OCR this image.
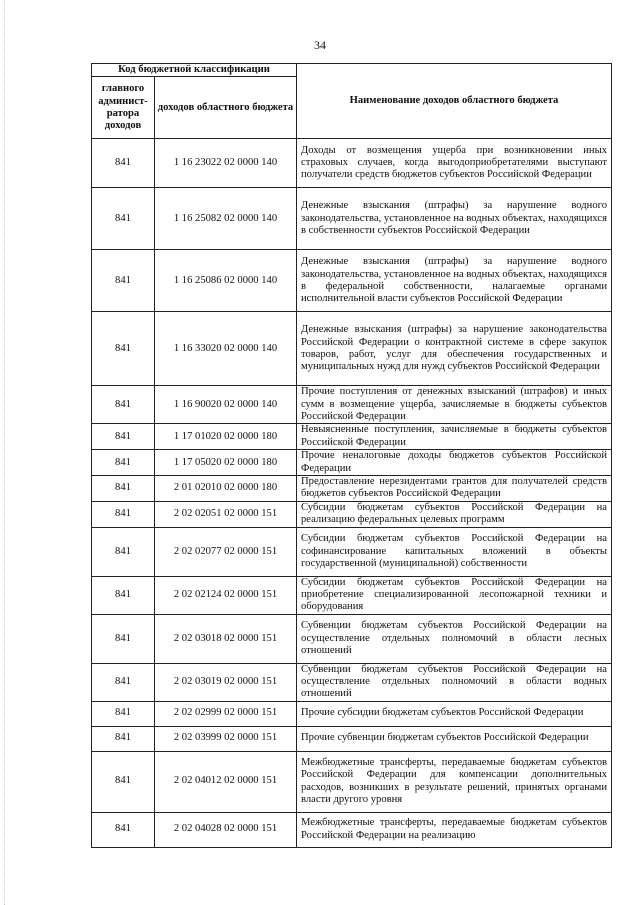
34
Код бюджетной классификации		Наименование доходов областного бюджета
главного админист-ратора доходов	доходов областного бюджета	
841	1 16 23022 02 0000 140	Доходы от возмещения ущерба при возникновении иных страховых случаев, когда выгодоприобретателями выступают получатели средств бюджетов субъектов Российской Федерации
841	1 16 25082 02 0000 140	Денежные взыскания (штрафы) за нарушение водного законодательства, установленное на водных объектах, находящихся в собственности субъектов Российской Федерации
841	1 16 25086 02 0000 140	Денежные взыскания (штрафы) за нарушение водного законодательства, установленное на водных объектах, находящихся в федеральной собственности, налагаемые органами исполнительной власти субъектов Российской Федерации
841	1 16 33020 02 0000 140	Денежные взыскания (штрафы) за нарушение законодательства Российской Федерации о контрактной системе в сфере закупок товаров, работ, услуг для обеспечения государственных и муниципальных нужд для нужд субъектов Российской Федерации
841	1 16 90020 02 0000 140	Прочие поступления от денежных взысканий (штрафов) и иных сумм в возмещение ущерба, зачисляемые в бюджеты субъектов Российской Федерации
841	1 17 01020 02 0000 180	Невыясненные поступления, зачисляемые в бюджеты субъектов Российской Федерации
841	1 17 05020 02 0000 180	Прочие неналоговые доходы бюджетов субъектов Российской Федерации
841	2 01 02010 02 0000 180	Предоставление нерезидентами грантов для получателей средств бюджетов субъектов Российской Федерации
841	2 02 02051 02 0000 151	Субсидии бюджетам субъектов Российской Федерации на реализацию федеральных целевых программ
841	2 02 02077 02 0000 151	Субсидии бюджетам субъектов Российской Федерации на софинансирование капитальных вложений в объекты государственной (муниципальной) собственности
841	2 02 02124 02 0000 151	Субсидии бюджетам субъектов Российской Федерации на приобретение специализированной лесопожарной техники и оборудования
841	2 02 03018 02 0000 151	Субвенции бюджетам субъектов Российской Федерации на осуществление отдельных полномочий в области лесных отношений
841	2 02 03019 02 0000 151	Субвенции бюджетам субъектов Российской Федерации на осуществление отдельных полномочий в области водных отношений
841	2 02 02999 02 0000 151	Прочие субсидии бюджетам субъектов Российской Федерации
841	2 02 03999 02 0000 151	Прочие субвенции бюджетам субъектов Российской Федерации
841	2 02 04012 02 0000 151	Межбюджетные трансферты, передаваемые бюджетам субъектов Российской Федерации для компенсации дополнительных расходов, возникших в результате решений, принятых органами власти другого уровня
841	2 02 04028 02 0000 151	Межбюджетные трансферты, передаваемые бюджетам субъектов Российской Федерации на реализацию
